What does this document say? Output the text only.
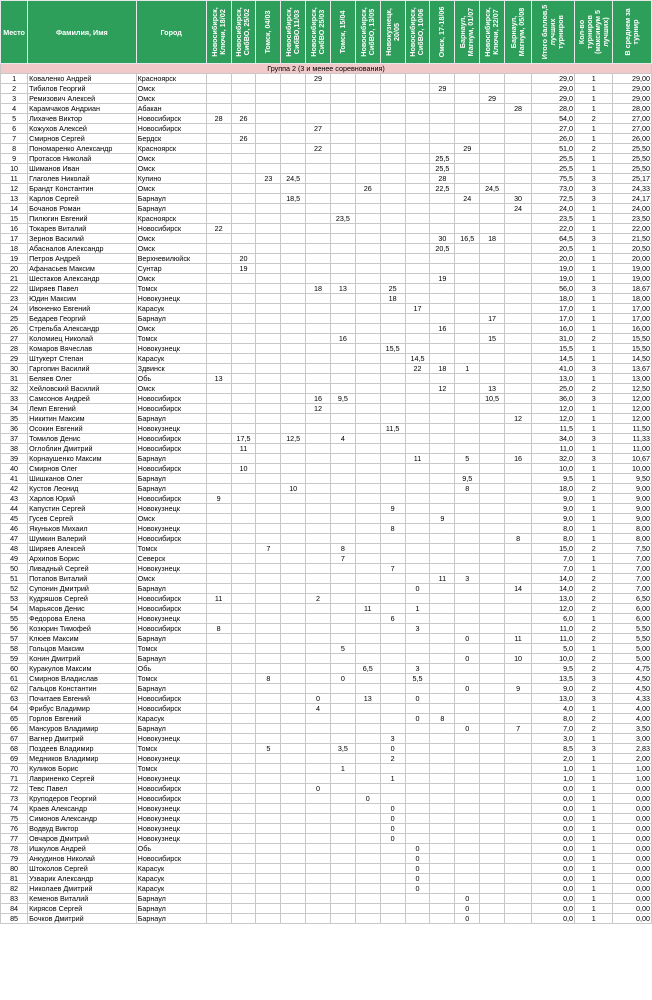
Место	Фамилия, Имя	Город	Новосибирск, Ключи, 18/02	Новосибирск, СибВО, 25/02	Томск, 04/03	Новосибирск, СибВО,11/03	Новосибирск, СибВО 25/03	Томск, 15/04	Новосибирск, СибВО, 13/05	Новокузнецк, 20/05	Новосибирск, СибВО, 10/06	Омск, 17-18/06	Барнаул, Магнум, 01/07	Новосибирск, Ключи, 22/07	Барнаул, Магнум, 05/08	Итого баллов,5 лучших турниров	Кол-во турниров (максимум 5 лучших)	В среднем за турнир

Группа 2 (3 и менее соревнования)																		
1	Коваленко Андрей	Красноярск					29									29,0	1	29,00
2	Тибилов Георгий	Омск										29				29,0	1	29,00
3	Ремизович Алексей	Омск												29		29,0	1	29,00
4	Карамчаков Андриан	Абакан													28	28,0	1	28,00
5	Лихачев Виктор	Новосибирск	28	26												54,0	2	27,00
6	Кожухов Алексей	Новосибирск					27									27,0	1	27,00
7	Смирнов Сергей	Бердск		26												26,0	1	26,00
8	Пономаренко Александр	Красноярск					22						29			51,0	2	25,50
9	Протасов Николай	Омск										25,5				25,5	1	25,50
10	Шиманов Иван	Омск										25,5				25,5	1	25,50
11	Глаголев Николай	Купино			23	24,5						28				75,5	3	25,17
12	Брандт Константин	Омск							26			22,5		24,5		73,0	3	24,33
13	Карлов Сергей	Барнаул				18,5							24		30	72,5	3	24,17
14	Бочанов Роман	Барнаул													24	24,0	1	24,00
15	Пилюгин Евгений	Красноярск						23,5								23,5	1	23,50
16	Токарев Виталий	Новосибирск	22													22,0	1	22,00
17	Зернов Василий	Омск										30	16,5	18		64,5	3	21,50
18	Абасналов Александр	Омск										20,5				20,5	1	20,50
19	Петров Андрей	Верхневилюйск		20												20,0	1	20,00
20	Афанасьев Максим	Сунтар		19												19,0	1	19,00
21	Шестаков Александр	Омск										19				19,0	1	19,00
22	Ширяев Павел	Томск					18	13		25						56,0	3	18,67
23	Юдин Максим	Новокузнецк								18						18,0	1	18,00
24	Ивоненко Евгений	Карасук									17					17,0	1	17,00
25	Бедарев Георгий	Барнаул												17		17,0	1	17,00
26	Стрельба Александр	Омск										16				16,0	1	16,00
27	Коломиец Николай	Томск						16						15		31,0	2	15,50
28	Комаров Вячеслав	Новокузнецк								15,5						15,5	1	15,50
29	Штукерт Степан	Карасук									14,5					14,5	1	14,50
30	Гаргопин Василий	Здвинск									22	18	1			41,0	3	13,67
31	Беляев Олег	Обь	13													13,0	1	13,00
32	Хейловский Василий	Омск										12		13		25,0	2	12,50
33	Самсонов Андрей	Новосибирск					16	9,5						10,5		36,0	3	12,00
34	Лемп Евгений	Новосибирск					12									12,0	1	12,00
35	Никитин Максим	Барнаул													12	12,0	1	12,00
36	Осокин Евгений	Новокузнецк								11,5						11,5	1	11,50
37	Томилов Денис	Новосибирск		17,5		12,5		4								34,0	3	11,33
38	Оглоблин Дмитрий	Новосибирск		11												11,0	1	11,00
39	Корнаушенко Максим	Барнаул									11		5		16	32,0	3	10,67
40	Смирнов Олег	Новосибирск		10												10,0	1	10,00
41	Шишканов Олег	Барнаул											9,5			9,5	1	9,50
42	Кустов Леонид	Барнаул				10							8			18,0	2	9,00
43	Харлов Юрий	Новосибирск	9													9,0	1	9,00
44	Капустин Сергей	Новокузнецк								9						9,0	1	9,00
45	Гусев Сергей	Омск										9				9,0	1	9,00
46	Якуньков Михаил	Новокузнецк								8						8,0	1	8,00
47	Шумкин Валерий	Новосибирск													8	8,0	1	8,00
48	Ширяев Алексей	Томск			7			8								15,0	2	7,50
49	Архипов Борис	Северск						7								7,0	1	7,00
50	Ливадный Сергей	Новокузнецк								7						7,0	1	7,00
51	Потапов Виталий	Омск										11	3			14,0	2	7,00
52	Супонин Дмитрий	Барнаул									0				14	14,0	2	7,00
53	Кудряшов Сергей	Новосибирск	11				2									13,0	2	6,50
54	Марьясов Денис	Новосибирск							11		1					12,0	2	6,00
55	Федорова Елена	Новокузнецк								6						6,0	1	6,00
56	Козюрин Тимофей	Новосибирск	8								3					11,0	2	5,50
57	Клюев Максим	Барнаул											0		11	11,0	2	5,50
58	Гольцов Максим	Томск						5								5,0	1	5,00
59	Конин Дмитрий	Барнаул											0		10	10,0	2	5,00
60	Куракулов Максим	Обь							6,5		3					9,5	2	4,75
61	Смирнов Владислав	Томск			8			0			5,5					13,5	3	4,50
62	Гальцов Константин	Барнаул											0		9	9,0	2	4,50
63	Почитаев Евгений	Новосибирск					0		13		0					13,0	3	4,33
64	Фрибус Владимир	Новосибирск					4									4,0	1	4,00
65	Горлов Евгений	Карасук									0	8				8,0	2	4,00
66	Мансуров Владимир	Барнаул											0		7	7,0	2	3,50
67	Вагнер Дмитрий	Новокузнецк								3						3,0	1	3,00
68	Поздеев Владимир	Томск			5			3,5		0						8,5	3	2,83
69	Медников Владимир	Новокузнецк								2						2,0	1	2,00
70	Куликов Борис	Томск						1								1,0	1	1,00
71	Лавриненко Сергей	Новокузнецк								1						1,0	1	1,00
72	Тевс Павел	Новосибирск					0									0,0	1	0,00
73	Круподеров Георгий	Новосибирск							0							0,0	1	0,00
74	Краев Александр	Новокузнецк								0						0,0	1	0,00
75	Симонов Александр	Новокузнецк								0						0,0	1	0,00
76	Водвуд Виктор	Новокузнецк								0						0,0	1	0,00
77	Овчаров Дмитрий	Новокузнецк								0						0,0	1	0,00
78	Ишкулов Андрей	Обь									0					0,0	1	0,00
79	Анкудинов Николай	Новосибирск									0					0,0	1	0,00
80	Штоколов Сергей	Карасук									0					0,0	1	0,00
81	Узварик Александр	Карасук									0					0,0	1	0,00
82	Николаев Дмитрий	Карасук									0					0,0	1	0,00
83	Кеменов Виталий	Барнаул											0			0,0	1	0,00
84	Кирясов Сергей	Барнаул											0			0,0	1	0,00
85	Бочков Дмитрий	Барнаул											0			0,0	1	0,00
